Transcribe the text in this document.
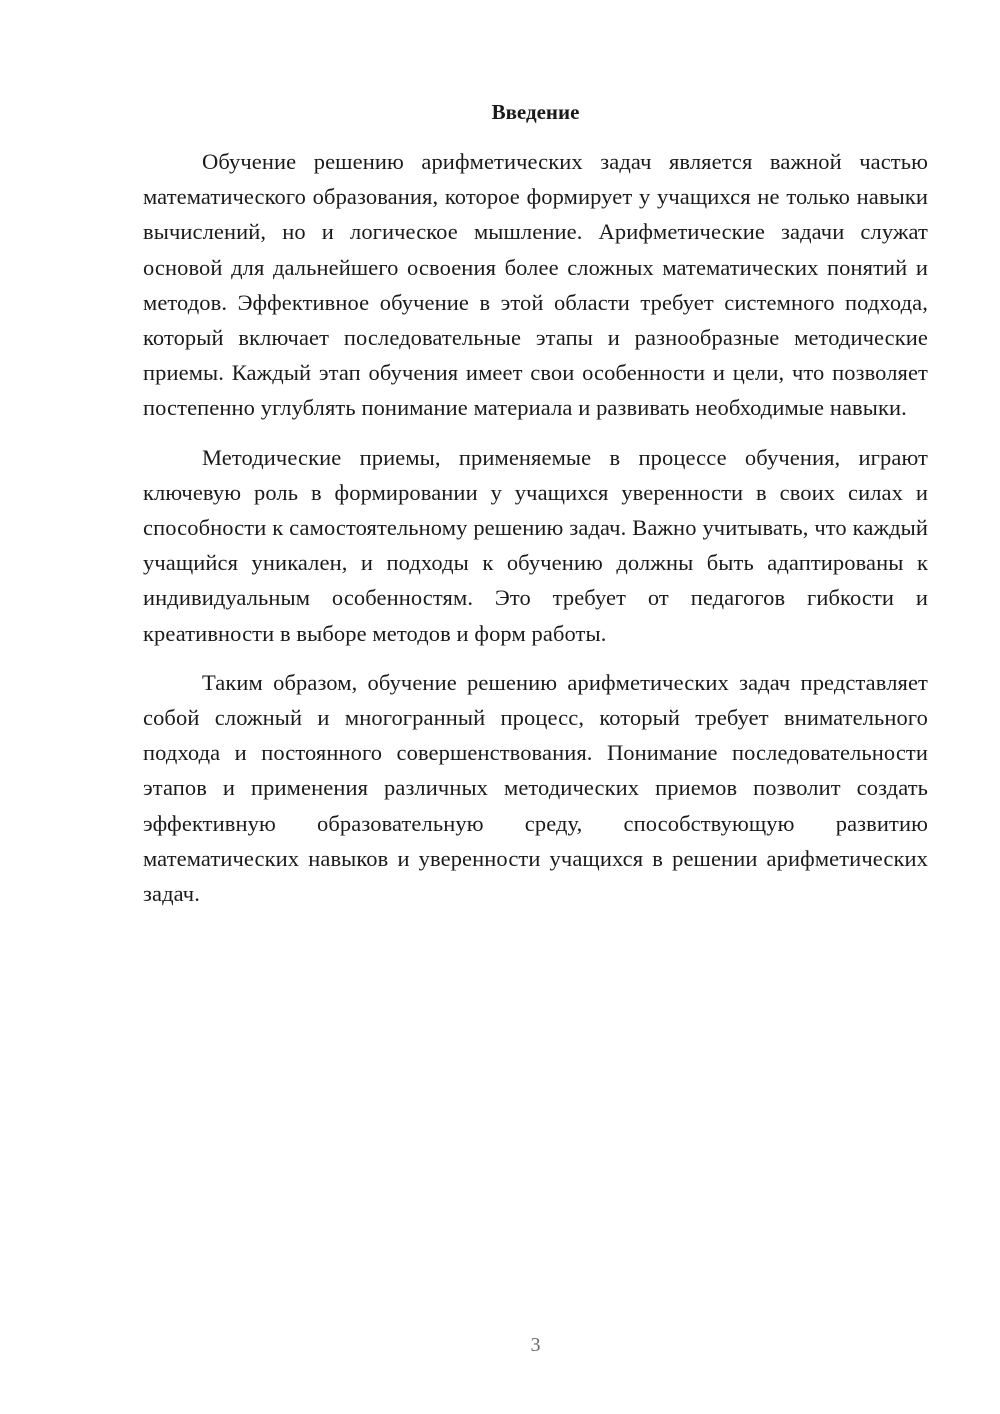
Введение

Обучение решению арифметических задач является важной частью математического образования, которое формирует у учащихся не только навыки вычислений, но и логическое мышление. Арифметические задачи служат основой для дальнейшего освоения более сложных математических понятий и методов. Эффективное обучение в этой области требует системного подхода, который включает последовательные этапы и разнообразные методические приемы. Каждый этап обучения имеет свои особенности и цели, что позволяет постепенно углублять понимание материала и развивать необходимые навыки.

Методические приемы, применяемые в процессе обучения, играют ключевую роль в формировании у учащихся уверенности в своих силах и способности к самостоятельному решению задач. Важно учитывать, что каждый учащийся уникален, и подходы к обучению должны быть адаптированы к индивидуальным особенностям. Это требует от педагогов гибкости и креативности в выборе методов и форм работы.

Таким образом, обучение решению арифметических задач представляет собой сложный и многогранный процесс, который требует внимательного подхода и постоянного совершенствования. Понимание последовательности этапов и применения различных методических приемов позволит создать эффективную образовательную среду, способствующую развитию математических навыков и уверенности учащихся в решении арифметических задач.

3
